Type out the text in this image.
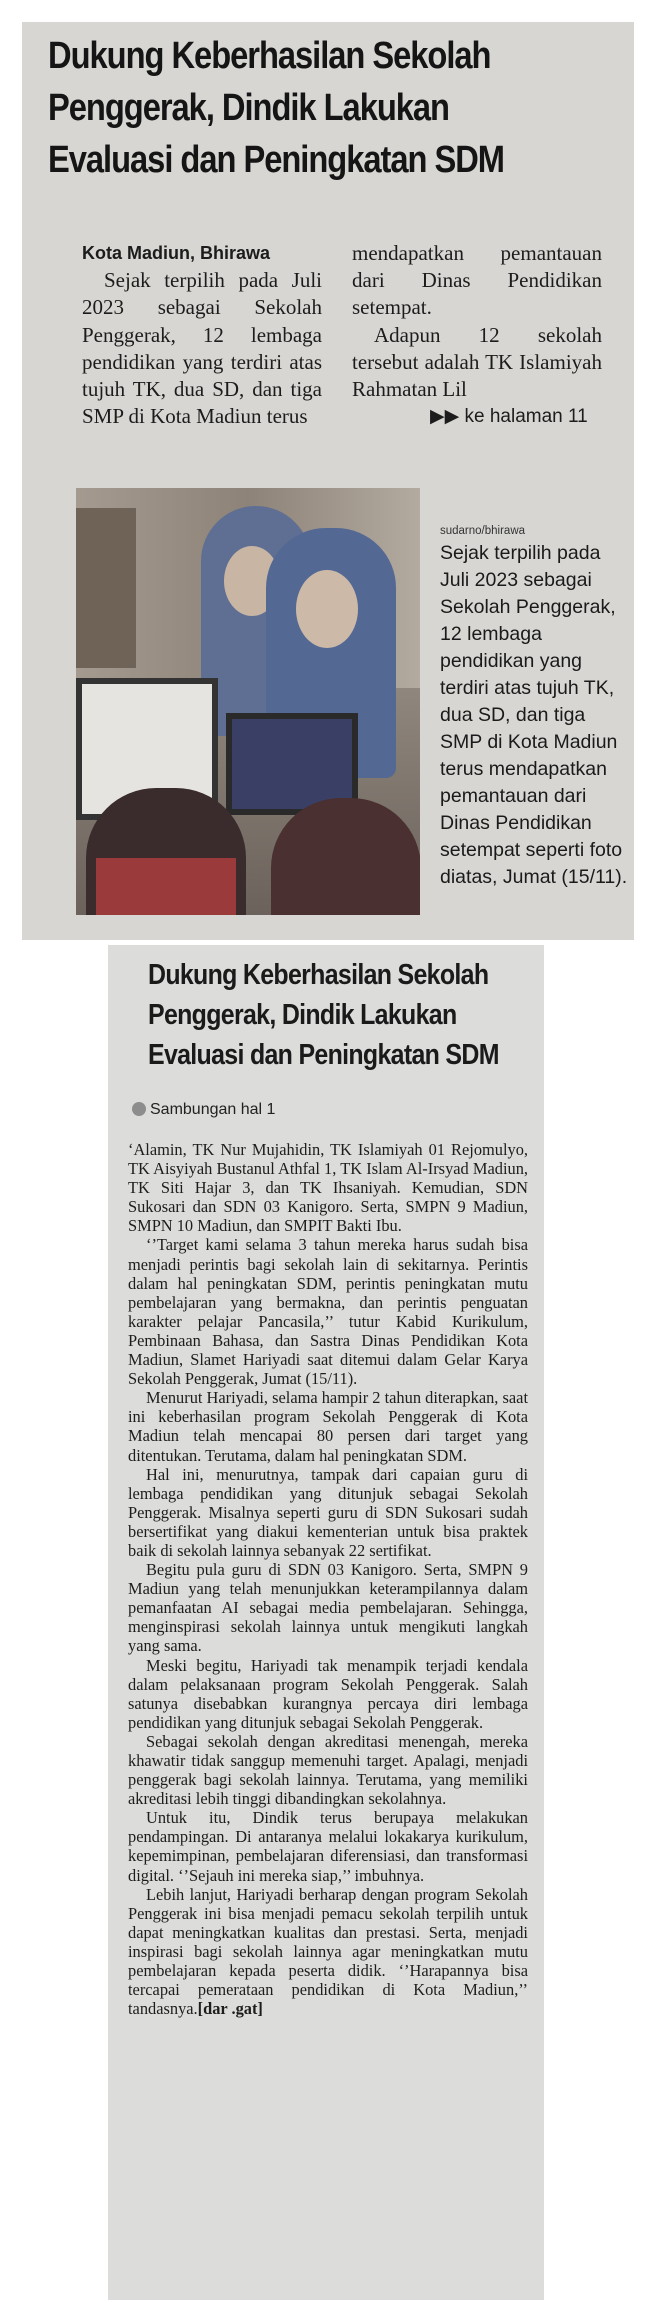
Dukung Keberhasilan Sekolah
Penggerak, Dindik Lakukan
Evaluasi dan Peningkatan SDM
Kota Madiun, Bhirawa
Sejak terpilih pada Juli 2023 sebagai Sekolah Penggerak, 12 lembaga pendidikan yang terdiri atas tujuh TK, dua SD, dan tiga SMP di Kota Madiun terus
mendapatkan pemantauan dari Dinas Pendidikan setempat.
Adapun 12 sekolah tersebut adalah TK Islamiyah Rahmatan Lil
▶▶ ke halaman 11
sudarno/bhirawa
Sejak terpilih pada Juli 2023 sebagai Sekolah Penggerak, 12 lembaga pendidikan yang terdiri atas tujuh TK, dua SD, dan tiga SMP di Kota Madiun terus mendapatkan pemantauan dari Dinas Pendidikan setempat seperti foto diatas, Jumat (15/11).
Dukung Keberhasilan Sekolah
Penggerak, Dindik Lakukan
Evaluasi dan Peningkatan SDM
Sambungan hal 1

‘Alamin, TK Nur Mujahidin, TK Islamiyah 01 Rejomulyo, TK Aisyiyah Bustanul Athfal 1, TK Islam Al-Irsyad Madiun, TK Siti Hajar 3, dan TK Ihsaniyah. Kemudian, SDN Sukosari dan SDN 03 Kanigoro. Serta, SMPN 9 Madiun, SMPN 10 Madiun, dan SMPIT Bakti Ibu.

‘’Target kami selama 3 tahun mereka harus sudah bisa menjadi perintis bagi sekolah lain di sekitarnya. Perintis dalam hal peningkatan SDM, perintis peningkatan mutu pembelajaran yang bermakna, dan perintis penguatan karakter pelajar Pancasila,’’ tutur Kabid Kurikulum, Pembinaan Bahasa, dan Sastra Dinas Pendidikan Kota Madiun, Slamet Hariyadi saat ditemui dalam Gelar Karya Sekolah Penggerak, Jumat (15/11).

Menurut Hariyadi, selama hampir 2 tahun diterapkan, saat ini keberhasilan program Sekolah Penggerak di Kota Madiun telah mencapai 80 persen dari target yang ditentukan. Terutama, dalam hal peningkatan SDM.

Hal ini, menurutnya, tampak dari capaian guru di lembaga pendidikan yang ditunjuk sebagai Sekolah Penggerak. Misalnya seperti guru di SDN Sukosari sudah bersertifikat yang diakui kementerian untuk bisa praktek baik di sekolah lainnya sebanyak 22 sertifikat.

Begitu pula guru di SDN 03 Kanigoro. Serta, SMPN 9 Madiun yang telah menunjukkan keterampilannya dalam pemanfaatan AI sebagai media pembelajaran. Sehingga, menginspirasi sekolah lainnya untuk mengikuti langkah yang sama.

Meski begitu, Hariyadi tak menampik terjadi kendala dalam pelaksanaan program Sekolah Penggerak. Salah satunya disebabkan kurangnya percaya diri lembaga pendidikan yang ditunjuk sebagai Sekolah Penggerak.

Sebagai sekolah dengan akreditasi menengah, mereka khawatir tidak sanggup memenuhi target. Apalagi, menjadi penggerak bagi sekolah lainnya. Terutama, yang memiliki akreditasi lebih tinggi dibandingkan sekolahnya.

Untuk itu, Dindik terus berupaya melakukan pendampingan. Di antaranya melalui lokakarya kurikulum, kepemimpinan, pembelajaran diferensiasi, dan transformasi digital. ‘’Sejauh ini mereka siap,’’ imbuhnya.

Lebih lanjut, Hariyadi berharap dengan program Sekolah Penggerak ini bisa menjadi pemacu sekolah terpilih untuk dapat meningkatkan kualitas dan prestasi. Serta, menjadi inspirasi bagi sekolah lainnya agar meningkatkan mutu pembelajaran kepada peserta didik. ‘’Harapannya bisa tercapai pemerataan pendidikan di Kota Madiun,’’ tandasnya.[dar .gat]
